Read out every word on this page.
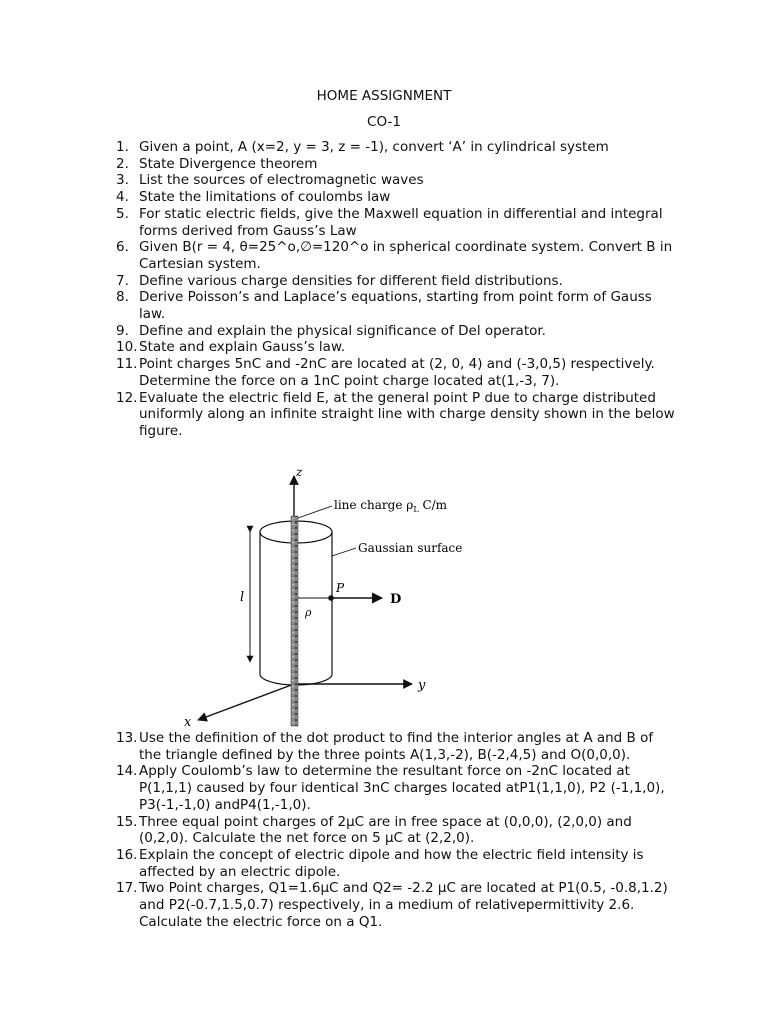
HOME ASSIGNMENT
CO-1
1. Given a point, A (x=2, y = 3, z = -1), convert ‘A’ in cylindrical system
2. State Divergence theorem
3. List the sources of electromagnetic waves
4. State the limitations of coulombs law
5. For static electric fields, give the Maxwell equation in differential and integral forms derived from Gauss’s Law
6. Given B(r = 4, θ=25^o,∅=120^o in spherical coordinate system. Convert B in Cartesian system.
7. Define various charge densities for different field distributions.
8. Derive Poisson’s and Laplace’s equations, starting from point form of Gauss law.
9. Define and explain the physical significance of Del operator.
10. State and explain Gauss’s law.
11. Point charges 5nC and -2nC are located at (2, 0, 4) and (-3,0,5) respectively. Determine the force on a 1nC point charge located at(1,-3, 7).
12. Evaluate the electric field E, at the general point P due to charge distributed uniformly along an infinite straight line with charge density shown in the below figure.
z
y
x
line charge $\rho_L$ C/m
Gaussian surface
P
D
l
ρ
13. Use the definition of the dot product to find the interior angles at A and B of the triangle defined by the three points A(1,3,-2), B(-2,4,5) and O(0,0,0).
14. Apply Coulomb’s law to determine the resultant force on -2nC located at P(1,1,1) caused by four identical 3nC charges located atP1(1,1,0), P2 (-1,1,0), P3(-1,-1,0) andP4(1,-1,0).
15. Three equal point charges of 2µC are in free space at (0,0,0), (2,0,0) and (0,2,0). Calculate the net force on 5 µC at (2,2,0).
16. Explain the concept of electric dipole and how the electric field intensity is affected by an electric dipole.
17. Two Point charges, Q1=1.6µC and Q2= -2.2 µC are located at P1(0.5, -0.8,1.2) and P2(-0.7,1.5,0.7) respectively, in a medium of relativepermittivity 2.6. Calculate the electric force on a Q1.
